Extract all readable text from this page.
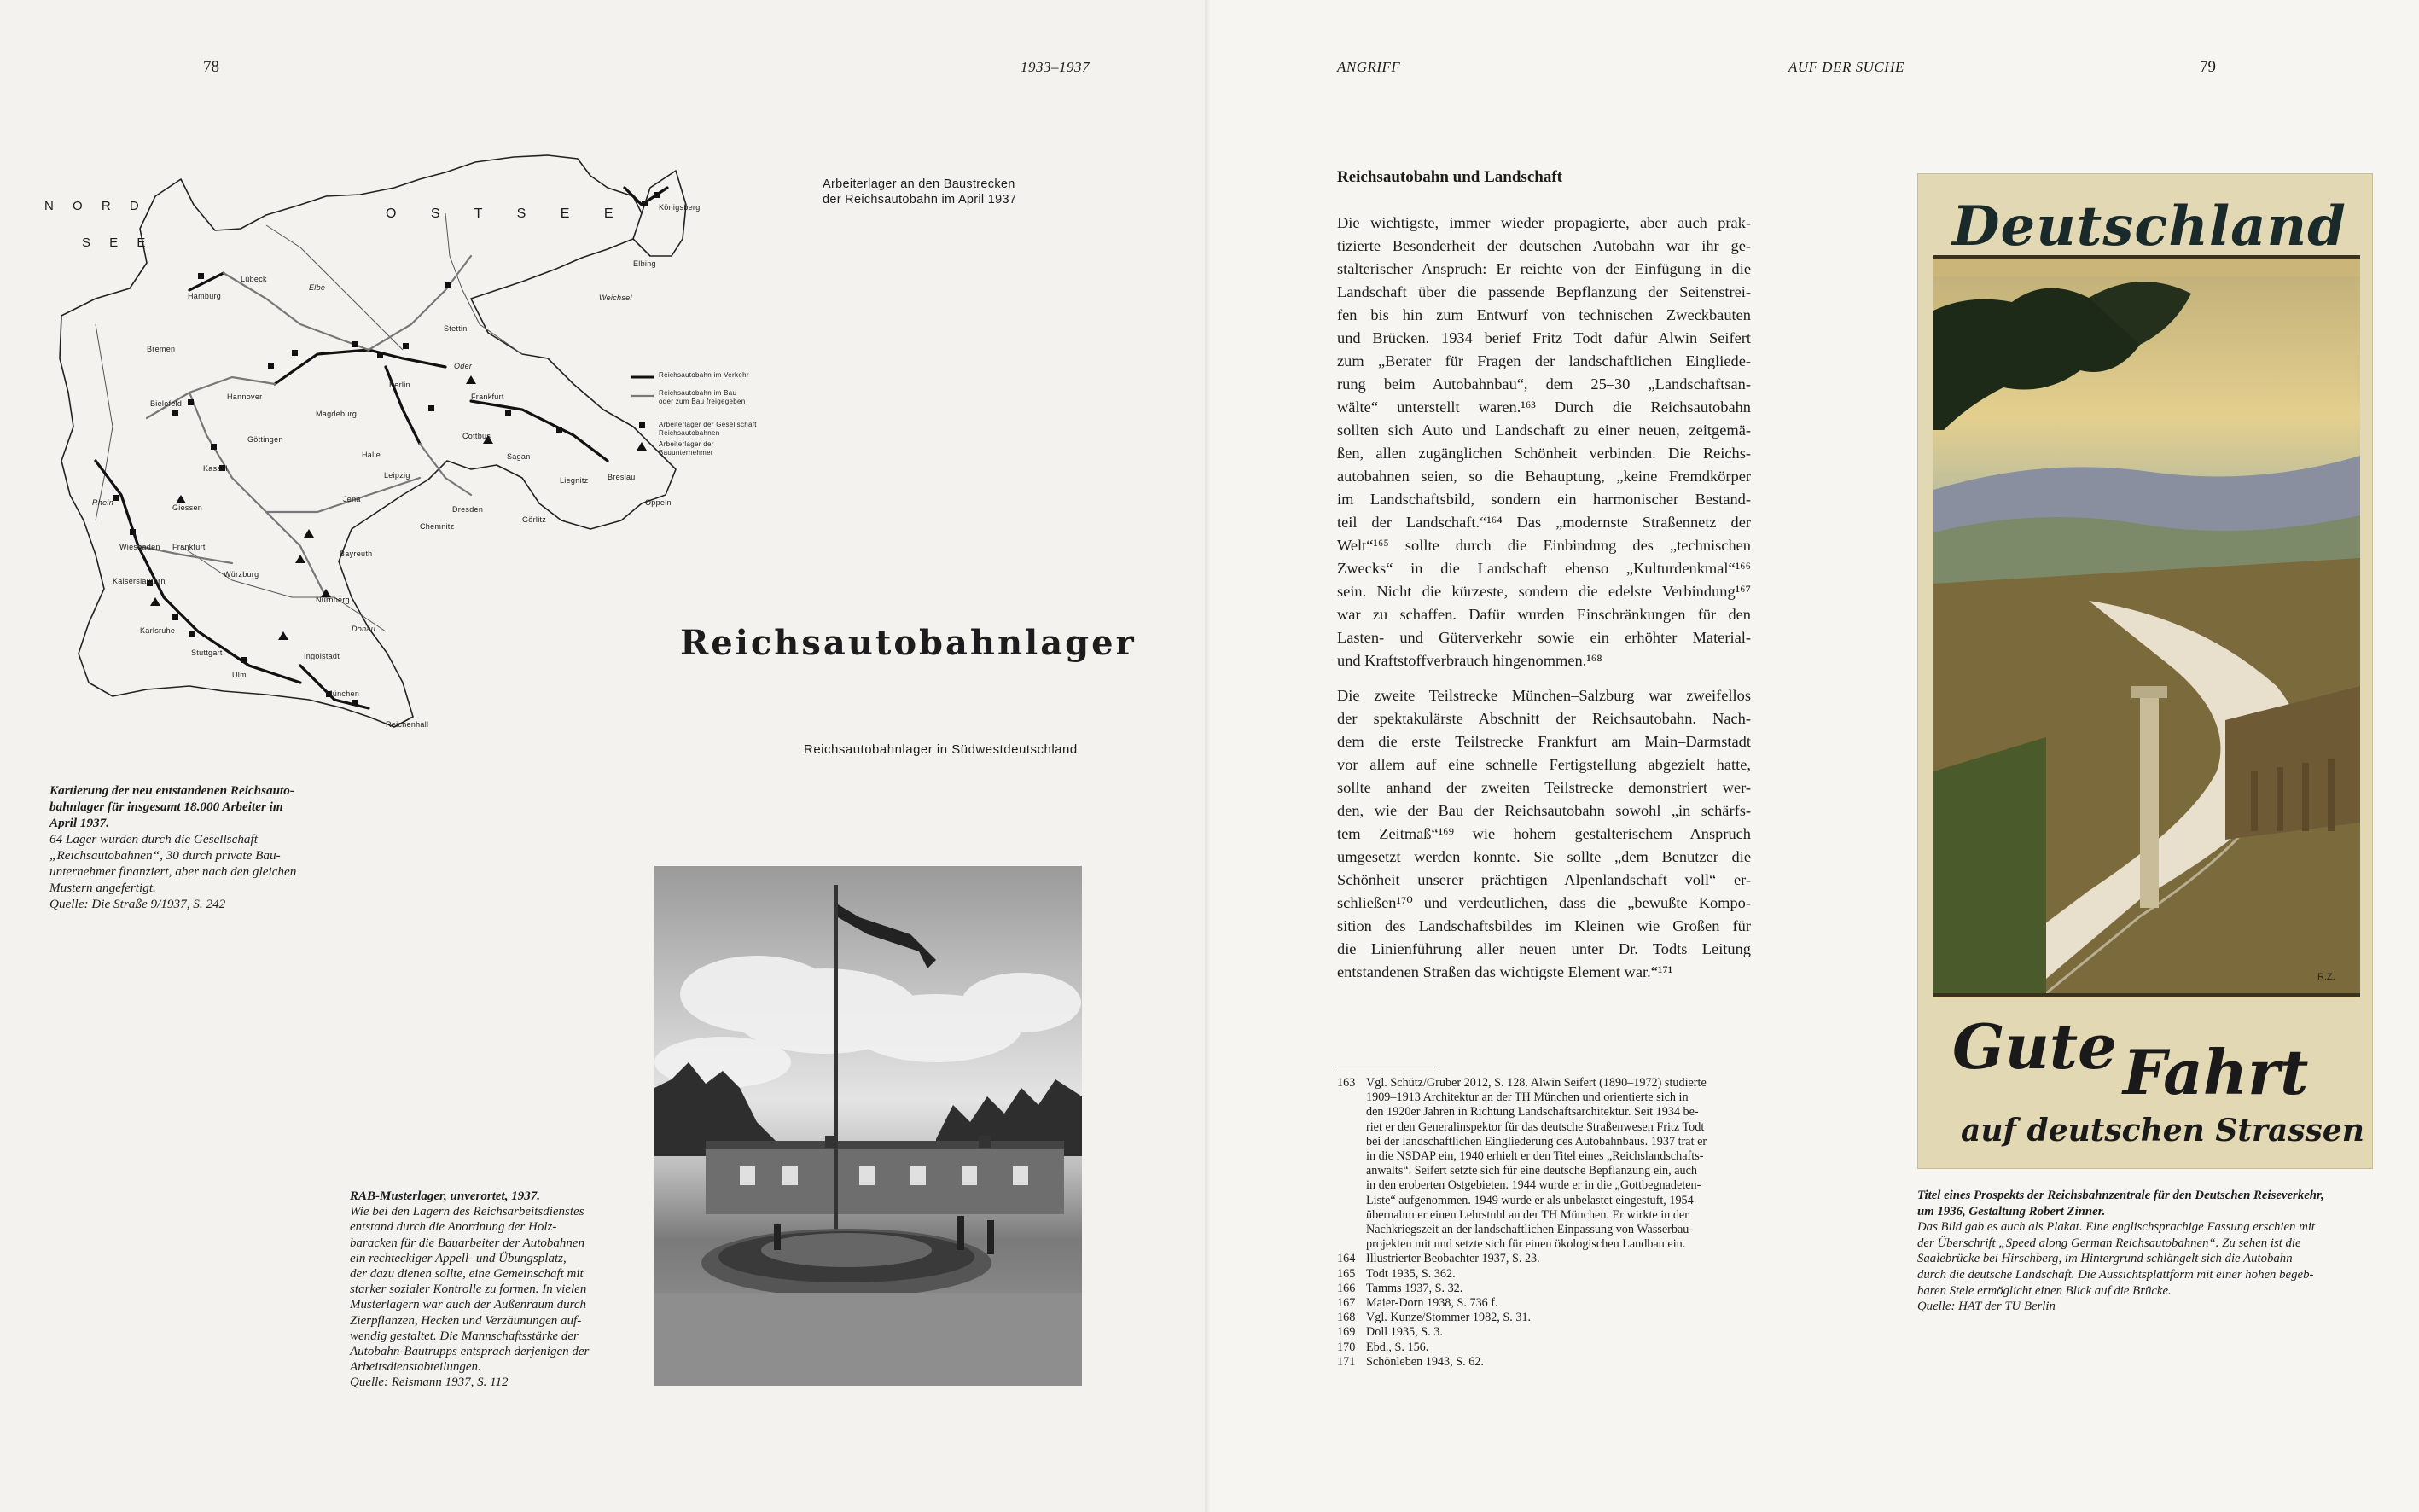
78	1933–1937
N O R D
S E E
O S T S E E	Königsberg
Elbing
Lübeck
Hamburg
Bremen
Stettin
Berlin
Hannover	Frankfurt
Magdeburg
Bielefeld
Göttingen
Halle
Leipzig
Cottbus
Sagan
Liegnitz	Breslau
Oppeln
Kassel
Dresden
Görlitz
Chemnitz
Jena
Giessen
Wiesbaden Frankfurt
Bayreuth
Würzburg
Kaiserslautern
Nürnberg
Karlsruhe
Stuttgart	Ingolstadt
Ulm
München
Reichenhall
Elbe
Oder
Donau
Weichsel
Rhein
Reichsautobahn im Verkehr
Reichsautobahn im Bau oder zum Bau freigegeben
Arbeiterlager der Gesellschaft Reichsautobahnen
Arbeiterlager der Bauunternehmer
Arbeiterlager an den Baustrecken
der Reichsautobahn im April 1937
Kartierung der neu entstandenen Reichsauto-
bahnlager für insgesamt 18.000 Arbeiter im
April 1937.
64 Lager wurden durch die Gesellschaft
„Reichsautobahnen“, 30 durch private Bau-
unternehmer finanziert, aber nach den gleichen
Mustern angefertigt.
Quelle: Die Straße 9/1937, S. 242
Reichsautobahnlager
Reichsautobahnlager in Südwestdeutschland
RAB-Musterlager, unverortet, 1937.
Wie bei den Lagern des Reichsarbeitsdienstes
entstand durch die Anordnung der Holz-
baracken für die Bauarbeiter der Autobahnen
ein rechteckiger Appell- und Übungsplatz,
der dazu dienen sollte, eine Gemeinschaft mit
starker sozialer Kontrolle zu formen. In vielen
Musterlagern war auch der Außenraum durch
Zierpflanzen, Hecken und Verzäunungen auf-
wendig gestaltet. Die Mannschaftsstärke der
Autobahn-Bautrupps entsprach derjenigen der
Arbeitsdienstabteilungen.
Quelle: Reismann 1937, S. 112
ANGRIFF	AUF DER SUCHE	79
Reichsautobahn und Landschaft
Die wichtigste, immer wieder propagierte, aber auch prak-
tizierte Besonderheit der deutschen Autobahn war ihr ge-
stalterischer Anspruch: Er reichte von der Einfügung in die
Landschaft über die passende Bepflanzung der Seitenstrei-
fen bis hin zum Entwurf von technischen Zweckbauten
und Brücken. 1934 berief Fritz Todt dafür Alwin Seifert
zum „Berater für Fragen der landschaftlichen Eingliede-
rung beim Autobahnbau“, dem 25–30 „Landschaftsan-
wälte“ unterstellt waren.¹⁶³ Durch die Reichsautobahn
sollten sich Auto und Landschaft zu einer neuen, zeitgemä-
ßen, allen zugänglichen Schönheit verbinden. Die Reichs-
autobahnen seien, so die Behauptung, „keine Fremdkörper
im Landschaftsbild, sondern ein harmonischer Bestand-
teil der Landschaft.“¹⁶⁴ Das „modernste Straßennetz der
Welt“¹⁶⁵ sollte durch die Einbindung des „technischen
Zwecks“ in die Landschaft ebenso „Kulturdenkmal“¹⁶⁶
sein. Nicht die kürzeste, sondern die edelste Verbindung¹⁶⁷
war zu schaffen. Dafür wurden Einschränkungen für den
Lasten- und Güterverkehr sowie ein erhöhter Material-
und Kraftstoffverbrauch hingenommen.¹⁶⁸
Die zweite Teilstrecke München–Salzburg war zweifellos
der spektakulärste Abschnitt der Reichsautobahn. Nach-
dem die erste Teilstrecke Frankfurt am Main–Darmstadt
vor allem auf eine schnelle Fertigstellung abgezielt hatte,
sollte anhand der zweiten Teilstrecke demonstriert wer-
den, wie der Bau der Reichsautobahn sowohl „in schärfs-
tem Zeitmaß“¹⁶⁹ wie hohem gestalterischem Anspruch
umgesetzt werden konnte. Sie sollte „dem Benutzer die
Schönheit unserer prächtigen Alpenlandschaft voll“ er-
schließen¹⁷⁰ und verdeutlichen, dass die „bewußte Kompo-
sition des Landschaftsbildes im Kleinen wie Großen für
die Linienführung aller neuen unter Dr. Todts Leitung
entstandenen Straßen das wichtigste Element war.“¹⁷¹
163 Vgl. Schütz/Gruber 2012, S. 128. Alwin Seifert (1890–1972) studierte
1909–1913 Architektur an der TH München und orientierte sich in
den 1920er Jahren in Richtung Landschaftsarchitektur. Seit 1934 be-
riet er den Generalinspektor für das deutsche Straßenwesen Fritz Todt
bei der landschaftlichen Eingliederung des Autobahnbaus. 1937 trat er
in die NSDAP ein, 1940 erhielt er den Titel eines „Reichslandschafts-
anwalts“. Seifert setzte sich für eine deutsche Bepflanzung ein, auch
in den eroberten Ostgebieten. 1944 wurde er in die „Gottbegnadeten-
Liste“ aufgenommen. 1949 wurde er als unbelastet eingestuft, 1954
übernahm er einen Lehrstuhl an der TH München. Er wirkte in der
Nachkriegszeit an der landschaftlichen Einpassung von Wasserbau-
projekten mit und setzte sich für einen ökologischen Landbau ein.
164 Illustrierter Beobachter 1937, S. 23.
165 Todt 1935, S. 362.
166 Tamms 1937, S. 32.
167 Maier-Dorn 1938, S. 736 f.
168 Vgl. Kunze/Stommer 1982, S. 31.
169 Doll 1935, S. 3.
170 Ebd., S. 156.
171 Schönleben 1943, S. 62.
Deutschland
Gute Fahrt
auf deutschen Strassen
R.Z.
Titel eines Prospekts der Reichsbahnzentrale für den Deutschen Reiseverkehr,
um 1936, Gestaltung Robert Zinner.
Das Bild gab es auch als Plakat. Eine englischsprachige Fassung erschien mit
der Überschrift „Speed along German Reichsautobahnen“. Zu sehen ist die
Saalebrücke bei Hirschberg, im Hintergrund schlängelt sich die Autobahn
durch die deutsche Landschaft. Die Aussichtsplattform mit einer hohen begeb-
baren Stele ermöglicht einen Blick auf die Brücke.
Quelle: HAT der TU Berlin
